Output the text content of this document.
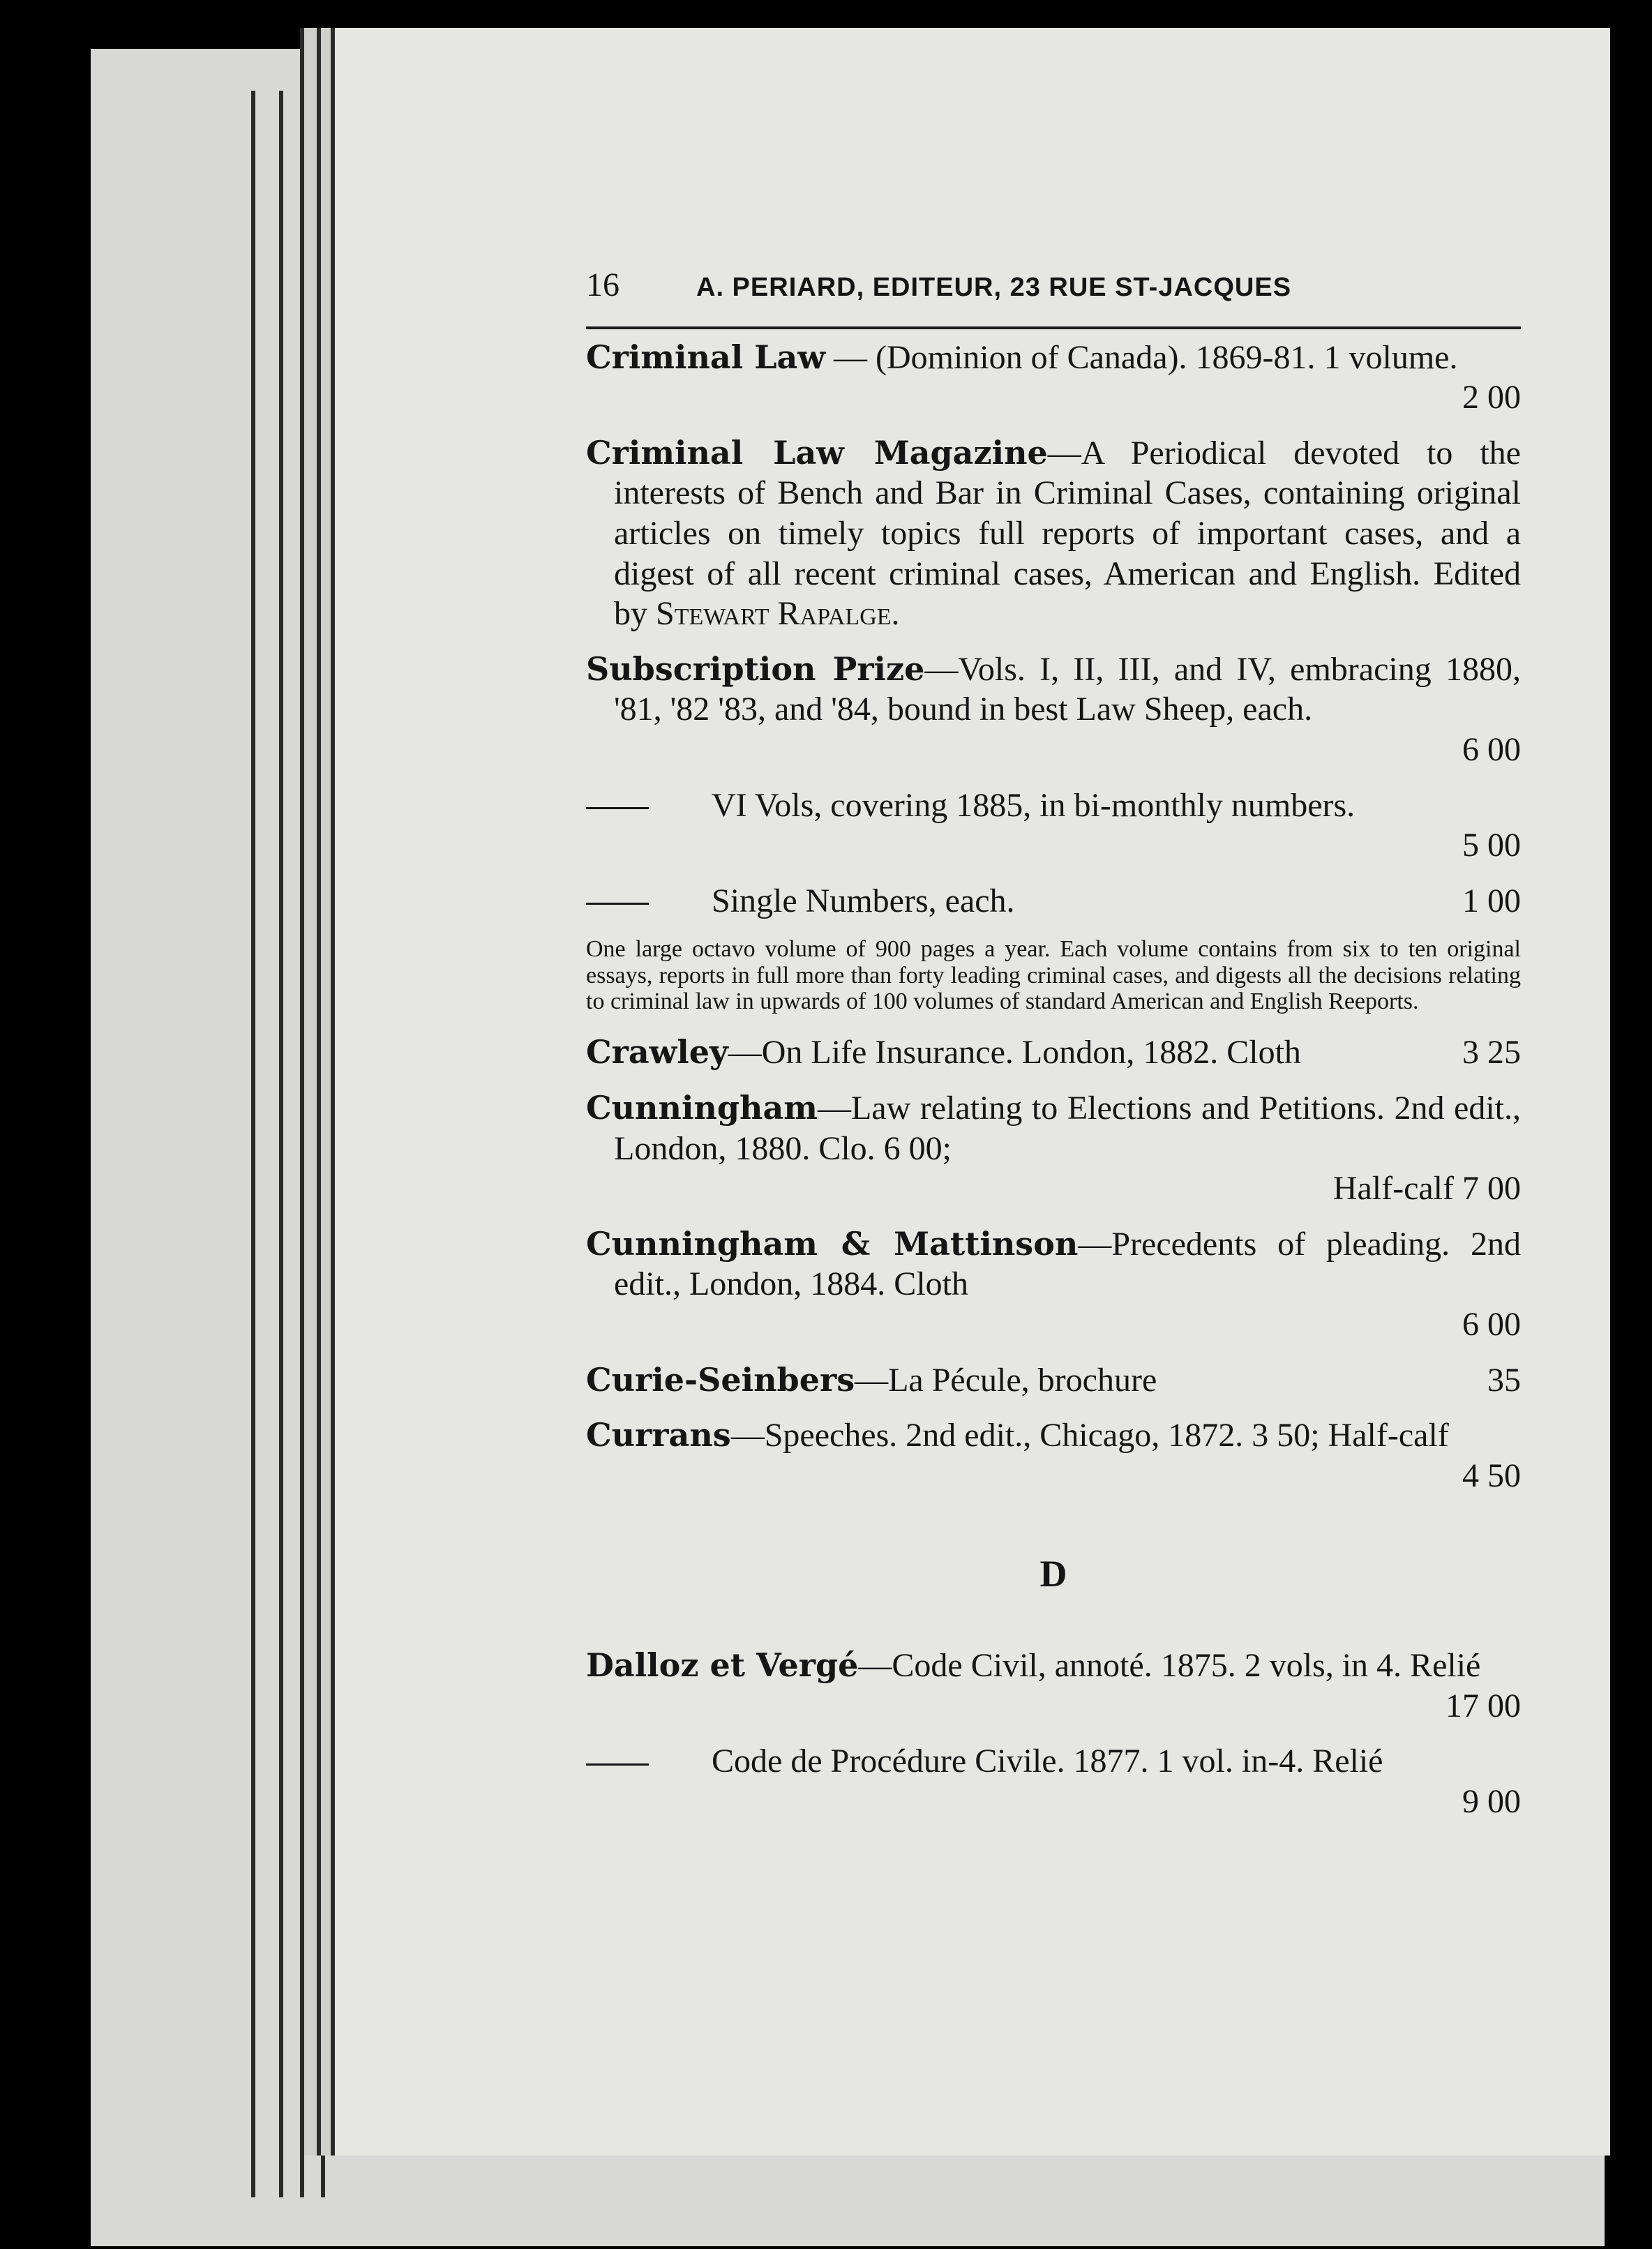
16	A. PERIARD, EDITEUR, 23 RUE ST-JACQUES

Criminal Law — (Dominion of Canada). 1869-81. 1 volume.

2 00

Criminal Law Magazine—A Periodical devoted to the interests of Bench and Bar in Criminal Cases, containing original articles on timely topics full reports of important cases, and a digest of all recent criminal cases, American and English. Edited by Stewart Rapalge.

Subscription Prize—Vols. I, II, III, and IV, embracing 1880, '81, '82 '83, and '84, bound in best Law Sheep, each.

6 00

VI Vols, covering 1885, in bi-monthly numbers.

5 00
Single Numbers, each.	1 00
One large octavo volume of 900 pages a year. Each volume contains from six to ten original essays, reports in full more than forty leading criminal cases, and digests all the decisions relating to criminal law in upwards of 100 volumes of standard American and English Reeports.
Crawley—On Life Insurance. London, 1882. Cloth	3 25

Cunningham—Law relating to Elections and Petitions. 2nd edit., London, 1880. Clo. 6 00;

Half-calf 7 00

Cunningham & Mattinson—Precedents of pleading. 2nd edit., London, 1884. Cloth

6 00
Curie-Seinbers—La Pécule, brochure	35

Currans—Speeches. 2nd edit., Chicago, 1872. 3 50; Half-calf

4 50
D

Dalloz et Vergé—Code Civil, annoté. 1875. 2 vols, in 4. Relié

17 00

Code de Procédure Civile. 1877. 1 vol. in-4. Relié

9 00
